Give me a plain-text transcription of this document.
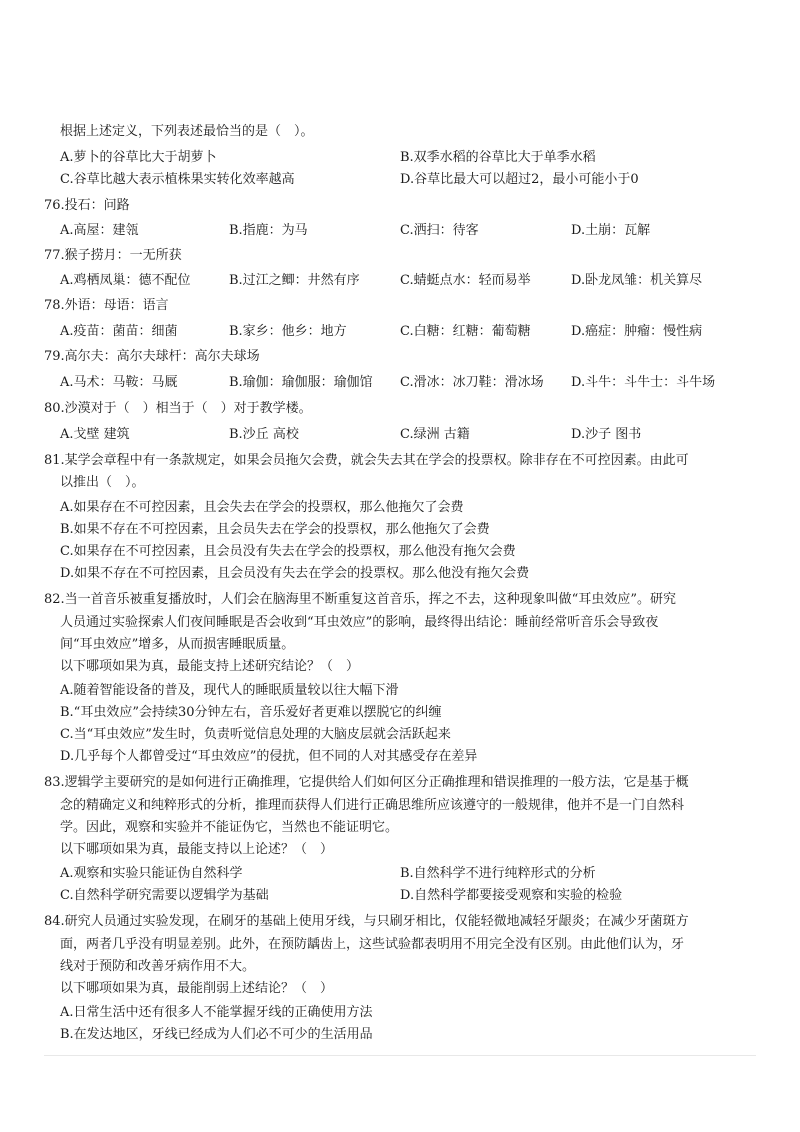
根据上述定义，下列表述最恰当的是（　）。
A.萝卜的谷草比大于胡萝卜	B.双季水稻的谷草比大于单季水稻
C.谷草比越大表示植株果实转化效率越高	D.谷草比最大可以超过2，最小可能小于0
76.投石：问路
A.高屋：建瓴	B.指鹿：为马	C.洒扫：待客	D.土崩：瓦解
77.猴子捞月：一无所获
A.鸡栖凤巢：德不配位	B.过江之鲫：井然有序	C.蜻蜓点水：轻而易举	D.卧龙凤雏：机关算尽
78.外语：母语：语言
A.疫苗：菌苗：细菌	B.家乡：他乡：地方	C.白糖：红糖：葡萄糖	D.癌症：肿瘤：慢性病
79.高尔夫：高尔夫球杆：高尔夫球场
A.马术：马鞍：马厩	B.瑜伽：瑜伽服：瑜伽馆 C.滑冰：冰刀鞋：滑冰场 D.斗牛：斗牛士：斗牛场
80.沙漠对于（　）相当于（　）对于教学楼。
A.戈壁 建筑	B.沙丘 高校	C.绿洲 古籍	D.沙子 图书
81.某学会章程中有一条款规定，如果会员拖欠会费，就会失去其在学会的投票权。除非存在不可控因素。由此可
以推出（　）。
A.如果存在不可控因素，且会失去在学会的投票权，那么他拖欠了会费
B.如果不存在不可控因素，且会员失去在学会的投票权，那么他拖欠了会费
C.如果存在不可控因素，且会员没有失去在学会的投票权，那么他没有拖欠会费
D.如果不存在不可控因素，且会员没有失去在学会的投票权。那么他没有拖欠会费
82.当一首音乐被重复播放时，人们会在脑海里不断重复这首音乐，挥之不去，这种现象叫做“耳虫效应”。研究
人员通过实验探索人们夜间睡眠是否会收到“耳虫效应”的影响，最终得出结论：睡前经常听音乐会导致夜
间“耳虫效应”增多，从而损害睡眠质量。
以下哪项如果为真，最能支持上述研究结论？（　）
A.随着智能设备的普及，现代人的睡眠质量较以往大幅下滑
B.“耳虫效应”会持续30分钟左右，音乐爱好者更难以摆脱它的纠缠
C.当“耳虫效应”发生时，负责听觉信息处理的大脑皮层就会活跃起来
D.几乎每个人都曾受过“耳虫效应”的侵扰，但不同的人对其感受存在差异
83.逻辑学主要研究的是如何进行正确推理，它提供给人们如何区分正确推理和错误推理的一般方法，它是基于概
念的精确定义和纯粹形式的分析，推理而获得人们进行正确思维所应该遵守的一般规律，他并不是一门自然科
学。因此，观察和实验并不能证伪它，当然也不能证明它。
以下哪项如果为真，最能支持以上论述？（　）
A.观察和实验只能证伪自然科学	B.自然科学不进行纯粹形式的分析
C.自然科学研究需要以逻辑学为基础	D.自然科学都要接受观察和实验的检验
84.研究人员通过实验发现，在刷牙的基础上使用牙线，与只刷牙相比，仅能轻微地减轻牙龈炎；在减少牙菌斑方
面，两者几乎没有明显差别。此外，在预防龋齿上，这些试验都表明用不用完全没有区别。由此他们认为，牙
线对于预防和改善牙病作用不大。
以下哪项如果为真，最能削弱上述结论？（　）
A.日常生活中还有很多人不能掌握牙线的正确使用方法
B.在发达地区，牙线已经成为人们必不可少的生活用品
